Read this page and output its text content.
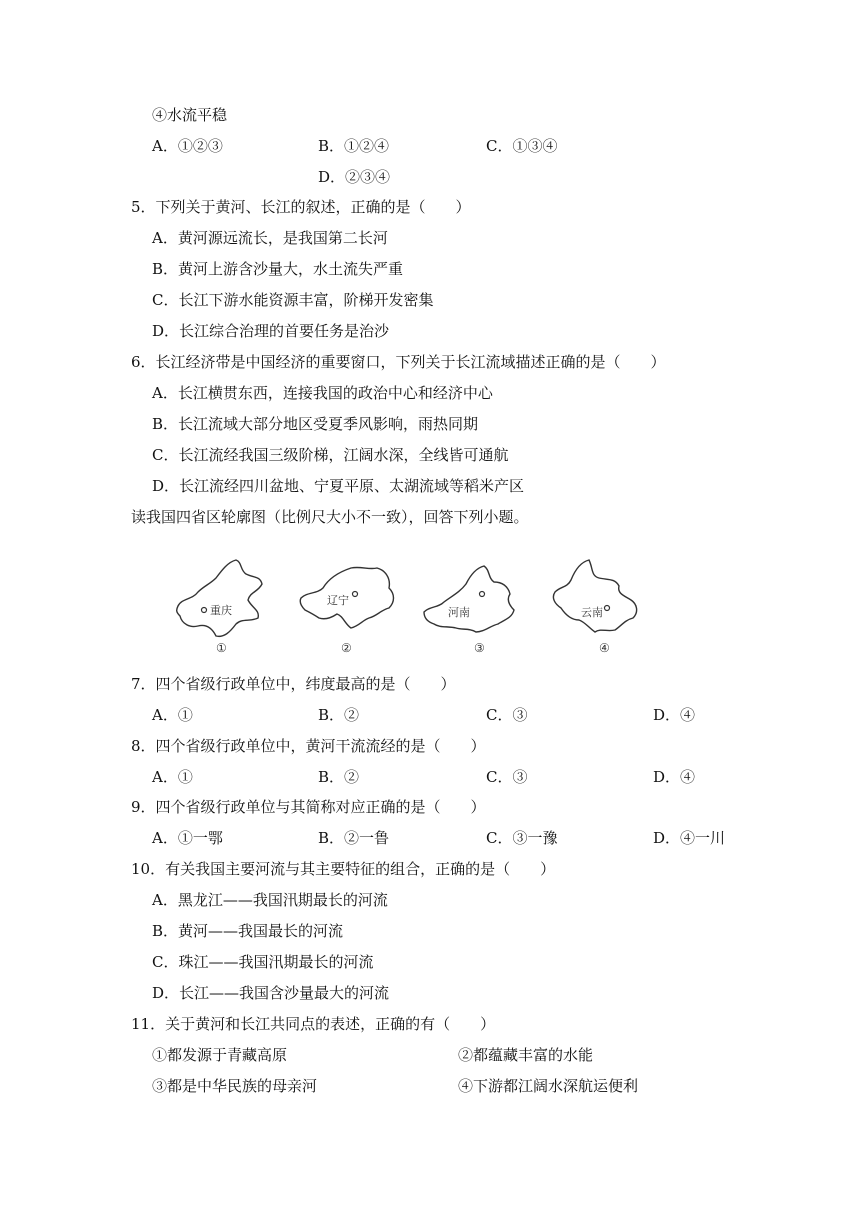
④水流平稳
A．①②③	B．①②④	C．①③④
D．②③④
5．下列关于黄河、长江的叙述，正确的是（　　）
A．黄河源远流长，是我国第二长河
B．黄河上游含沙量大，水土流失严重
C．长江下游水能资源丰富，阶梯开发密集
D．长江综合治理的首要任务是治沙
6．长江经济带是中国经济的重要窗口，下列关于长江流域描述正确的是（　　）
A．长江横贯东西，连接我国的政治中心和经济中心
B．长江流域大部分地区受夏季风影响，雨热同期
C．长江流经我国三级阶梯，江阔水深，全线皆可通航
D．长江流经四川盆地、宁夏平原、太湖流域等稻米产区
读我国四省区轮廓图（比例尺大小不一致），回答下列小题。
重庆
①
辽宁
②
河南
③
云南
④
7．四个省级行政单位中，纬度最高的是（　　）
A．①	B．②	C．③	D．④
8．四个省级行政单位中，黄河干流流经的是（　　）
A．①	B．②	C．③	D．④
9．四个省级行政单位与其简称对应正确的是（　　）
A．①一鄂	B．②一鲁	C．③一豫	D．④一川
10．有关我国主要河流与其主要特征的组合，正确的是（　　）
A．黑龙江——我国汛期最长的河流
B．黄河——我国最长的河流
C．珠江——我国汛期最长的河流
D．长江——我国含沙量最大的河流
11．关于黄河和长江共同点的表述，正确的有（　　）
①都发源于青藏高原	②都蕴藏丰富的水能
③都是中华民族的母亲河	④下游都江阔水深航运便利
